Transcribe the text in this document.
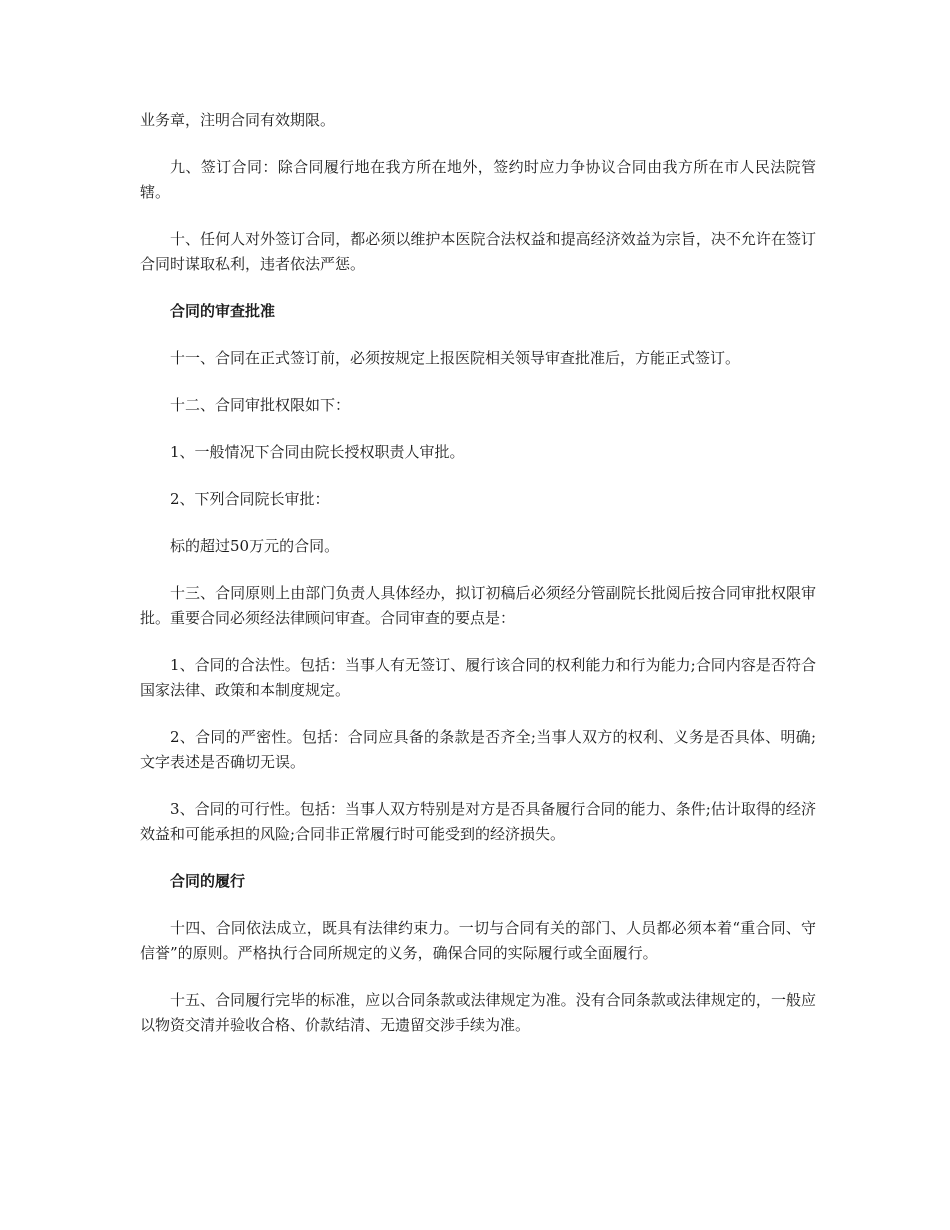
业务章，注明合同有效期限。

九、签订合同：除合同履行地在我方所在地外，签约时应力争协议合同由我方所在市人民法院管辖。

十、任何人对外签订合同，都必须以维护本医院合法权益和提高经济效益为宗旨，决不允许在签订合同时谋取私利，违者依法严惩。

合同的审查批准

十一、合同在正式签订前，必须按规定上报医院相关领导审查批准后，方能正式签订。

十二、合同审批权限如下：

1、一般情况下合同由院长授权职责人审批。

2、下列合同院长审批：

标的超过50万元的合同。

十三、合同原则上由部门负责人具体经办，拟订初稿后必须经分管副院长批阅后按合同审批权限审批。重要合同必须经法律顾问审查。合同审查的要点是：

1、合同的合法性。包括：当事人有无签订、履行该合同的权利能力和行为能力;合同内容是否符合国家法律、政策和本制度规定。

2、合同的严密性。包括：合同应具备的条款是否齐全;当事人双方的权利、义务是否具体、明确;文字表述是否确切无误。

3、合同的可行性。包括：当事人双方特别是对方是否具备履行合同的能力、条件;估计取得的经济效益和可能承担的风险;合同非正常履行时可能受到的经济损失。

合同的履行

十四、合同依法成立，既具有法律约束力。一切与合同有关的部门、人员都必须本着“重合同、守信誉”的原则。严格执行合同所规定的义务，确保合同的实际履行或全面履行。

十五、合同履行完毕的标准，应以合同条款或法律规定为准。没有合同条款或法律规定的，一般应以物资交清并验收合格、价款结清、无遗留交涉手续为准。
